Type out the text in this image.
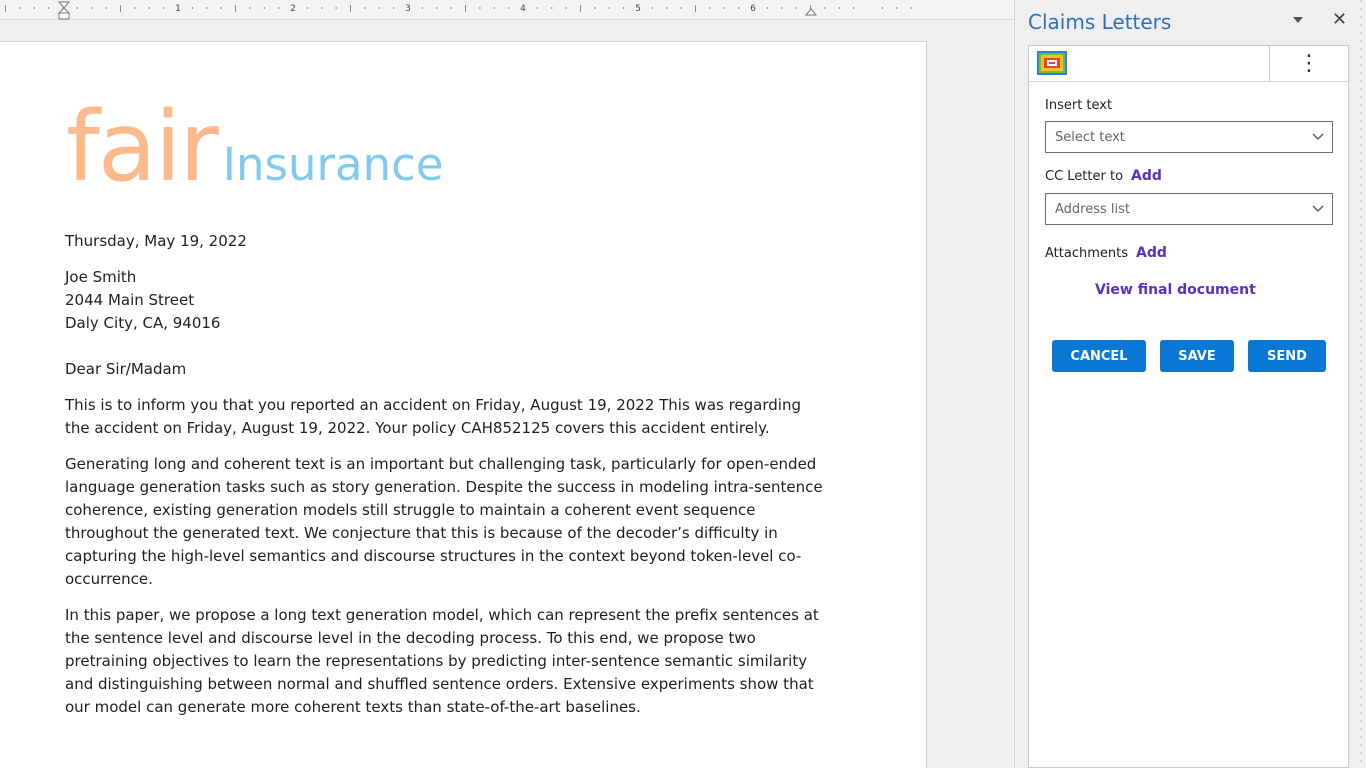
1	2	3	4	5	6
fair Insurance
Thursday, May 19, 2022
Joe Smith
2044 Main Street
Daly City, CA, 94016
Dear Sir/Madam
This is to inform you that you reported an accident on Friday, August 19, 2022 This was regarding the accident on Friday, August 19, 2022. Your policy CAH852125 covers this accident entirely.
Generating long and coherent text is an important but challenging task, particularly for open-ended language generation tasks such as story generation. Despite the success in modeling intra-sentence coherence, existing generation models still struggle to maintain a coherent event sequence throughout the generated text. We conjecture that this is because of the decoder’s difficulty in capturing the high-level semantics and discourse structures in the context beyond token-level co-occurrence.
In this paper, we propose a long text generation model, which can represent the prefix sentences at the sentence level and discourse level in the decoding process. To this end, we propose two pretraining objectives to learn the representations by predicting inter-sentence semantic similarity and distinguishing between normal and shuffled sentence orders. Extensive experiments show that our model can generate more coherent texts than state-of-the-art baselines.
Claims Letters	✕
⋮
Insert text
Select text
CC Letter to Add
Address list
Attachments Add
View final document
CANCEL	SAVE	SEND
